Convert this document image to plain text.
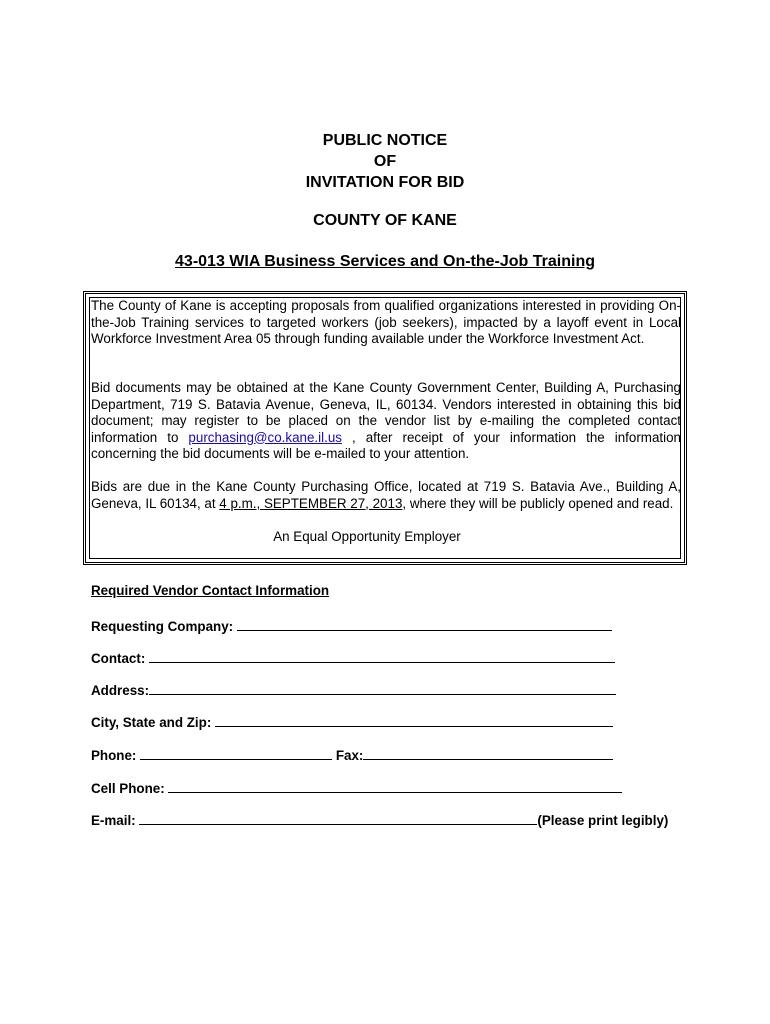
PUBLIC NOTICE
OF
INVITATION FOR BID
COUNTY OF KANE
43-013 WIA Business Services and On-the-Job Training
The County of Kane is accepting proposals from qualified organizations interested in providing On-the-Job Training services to targeted workers (job seekers), impacted by a layoff event in Local Workforce Investment Area 05 through funding available under the Workforce Investment Act.
Bid documents may be obtained at the Kane County Government Center, Building A, Purchasing Department, 719 S. Batavia Avenue, Geneva, IL, 60134. Vendors interested in obtaining this bid document; may register to be placed on the vendor list by e-mailing the completed contact information to purchasing@co.kane.il.us , after receipt of your information the information concerning the bid documents will be e-mailed to your attention.
Bids are due in the Kane County Purchasing Office, located at 719 S. Batavia Ave., Building A, Geneva, IL 60134, at 4 p.m., SEPTEMBER 27, 2013, where they will be publicly opened and read.
An Equal Opportunity Employer
Required Vendor Contact Information
Requesting Company:
Contact:
Address:
City, State and Zip:
Phone:	Fax:
Cell Phone:
E-mail:	(Please print legibly)
